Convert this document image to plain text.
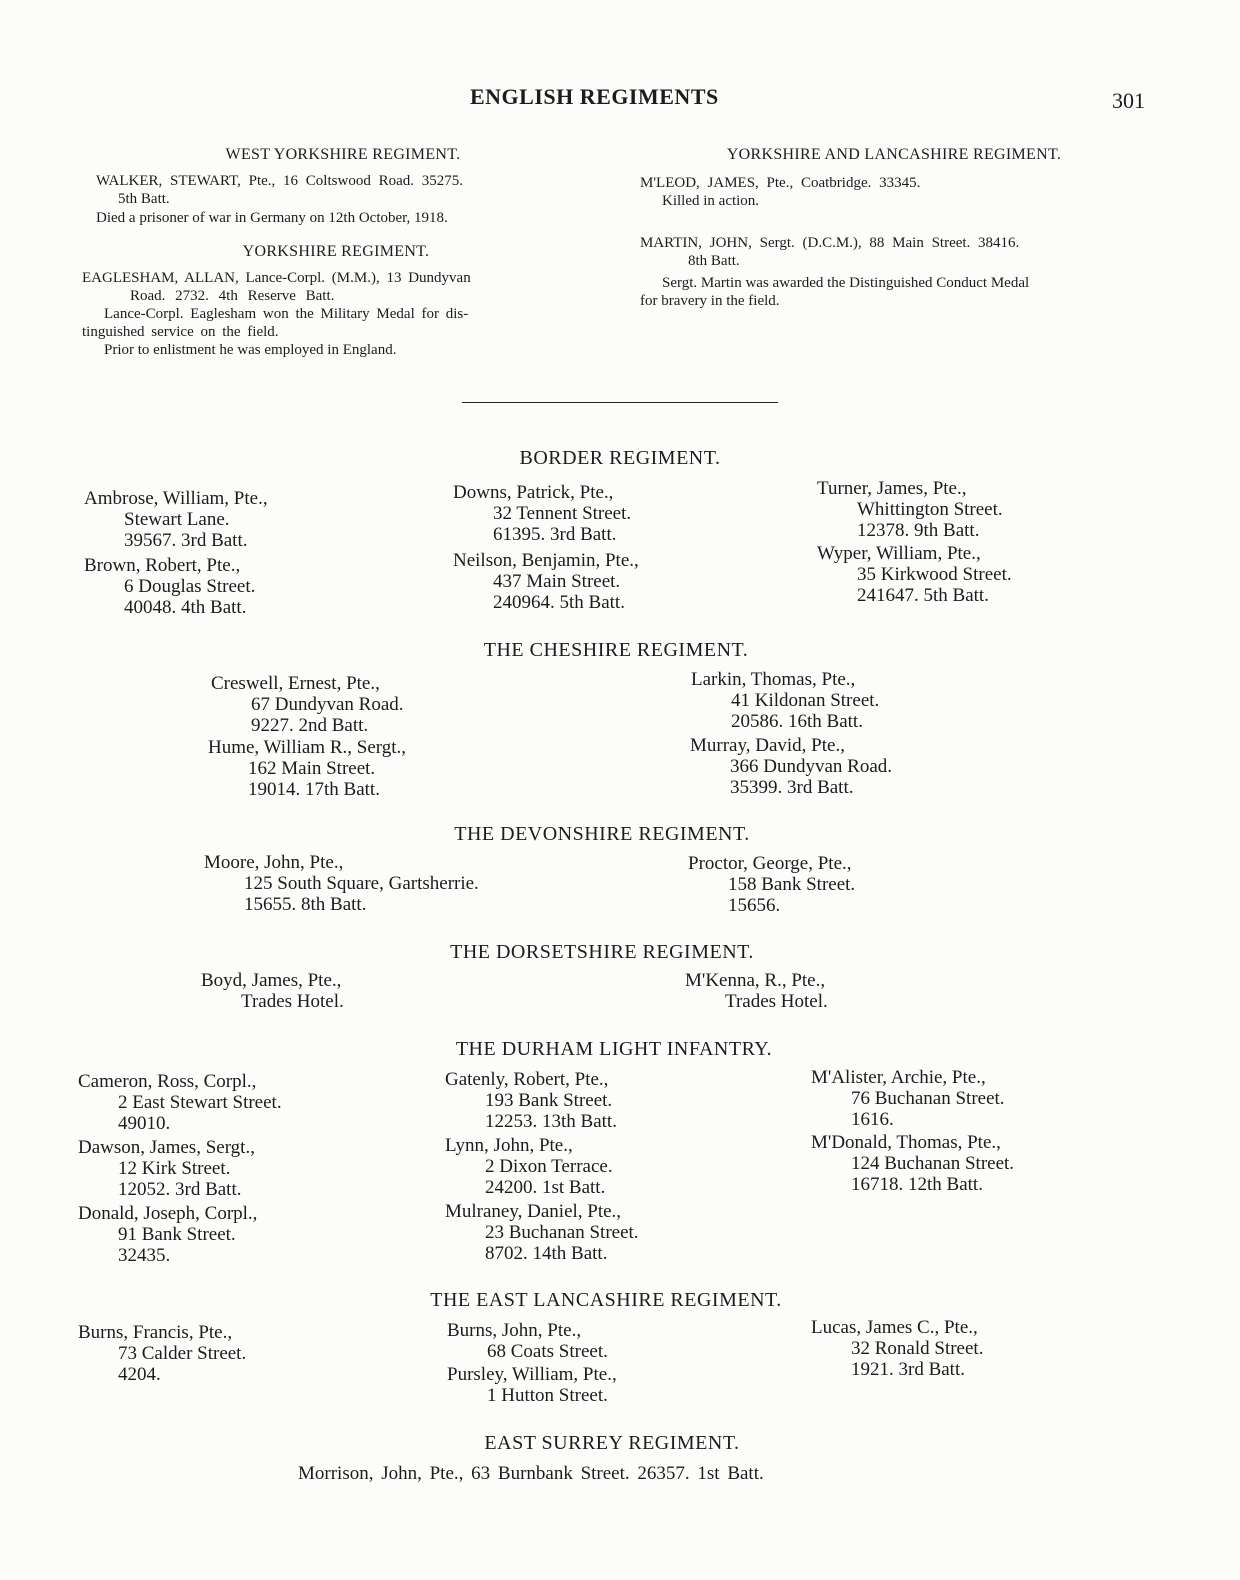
ENGLISH REGIMENTS	301
WEST YORKSHIRE REGIMENT.

WALKER, STEWART, Pte., 16 Coltswood Road. 35275.

5th Batt.

Died a prisoner of war in Germany on 12th October, 1918.

YORKSHIRE REGIMENT.

EAGLESHAM, ALLAN, Lance-Corpl. (M.M.), 13 Dundyvan

Road. 2732. 4th Reserve Batt.

Lance-Corpl. Eaglesham won the Military Medal for dis-

tinguished service on the field.

Prior to enlistment he was employed in England.

YORKSHIRE AND LANCASHIRE REGIMENT.

M'LEOD, JAMES, Pte., Coatbridge. 33345.

Killed in action.

MARTIN, JOHN, Sergt. (D.C.M.), 88 Main Street. 38416.

8th Batt.

Sergt. Martin was awarded the Distinguished Conduct Medal

for bravery in the field.

BORDER REGIMENT.
Ambrose, William, Pte.,
Stewart Lane.
39567. 3rd Batt.
Brown, Robert, Pte.,
6 Douglas Street.
40048. 4th Batt.
Downs, Patrick, Pte.,
32 Tennent Street.
61395. 3rd Batt.
Neilson, Benjamin, Pte.,
437 Main Street.
240964. 5th Batt.
Turner, James, Pte.,
Whittington Street.
12378. 9th Batt.
Wyper, William, Pte.,
35 Kirkwood Street.
241647. 5th Batt.
THE CHESHIRE REGIMENT.
Creswell, Ernest, Pte.,
67 Dundyvan Road.
9227. 2nd Batt.
Hume, William R., Sergt.,
162 Main Street.
19014. 17th Batt.
Larkin, Thomas, Pte.,
41 Kildonan Street.
20586. 16th Batt.
Murray, David, Pte.,
366 Dundyvan Road.
35399. 3rd Batt.
THE DEVONSHIRE REGIMENT.
Moore, John, Pte.,
125 South Square, Gartsherrie.
15655. 8th Batt.
Proctor, George, Pte.,
158 Bank Street.
15656.
THE DORSETSHIRE REGIMENT.
Boyd, James, Pte.,
Trades Hotel.
M'Kenna, R., Pte.,
Trades Hotel.
THE DURHAM LIGHT INFANTRY.
Cameron, Ross, Corpl.,
2 East Stewart Street.
49010.
Dawson, James, Sergt.,
12 Kirk Street.
12052. 3rd Batt.
Donald, Joseph, Corpl.,
91 Bank Street.
32435.
Gatenly, Robert, Pte.,
193 Bank Street.
12253. 13th Batt.
Lynn, John, Pte.,
2 Dixon Terrace.
24200. 1st Batt.
Mulraney, Daniel, Pte.,
23 Buchanan Street.
8702. 14th Batt.
M'Alister, Archie, Pte.,
76 Buchanan Street.
1616.
M'Donald, Thomas, Pte.,
124 Buchanan Street.
16718. 12th Batt.
THE EAST LANCASHIRE REGIMENT.
Burns, Francis, Pte.,
73 Calder Street.
4204.
Burns, John, Pte.,
68 Coats Street.
Pursley, William, Pte.,
1 Hutton Street.
Lucas, James C., Pte.,
32 Ronald Street.
1921. 3rd Batt.
EAST SURREY REGIMENT.
Morrison, John, Pte., 63 Burnbank Street. 26357. 1st Batt.
